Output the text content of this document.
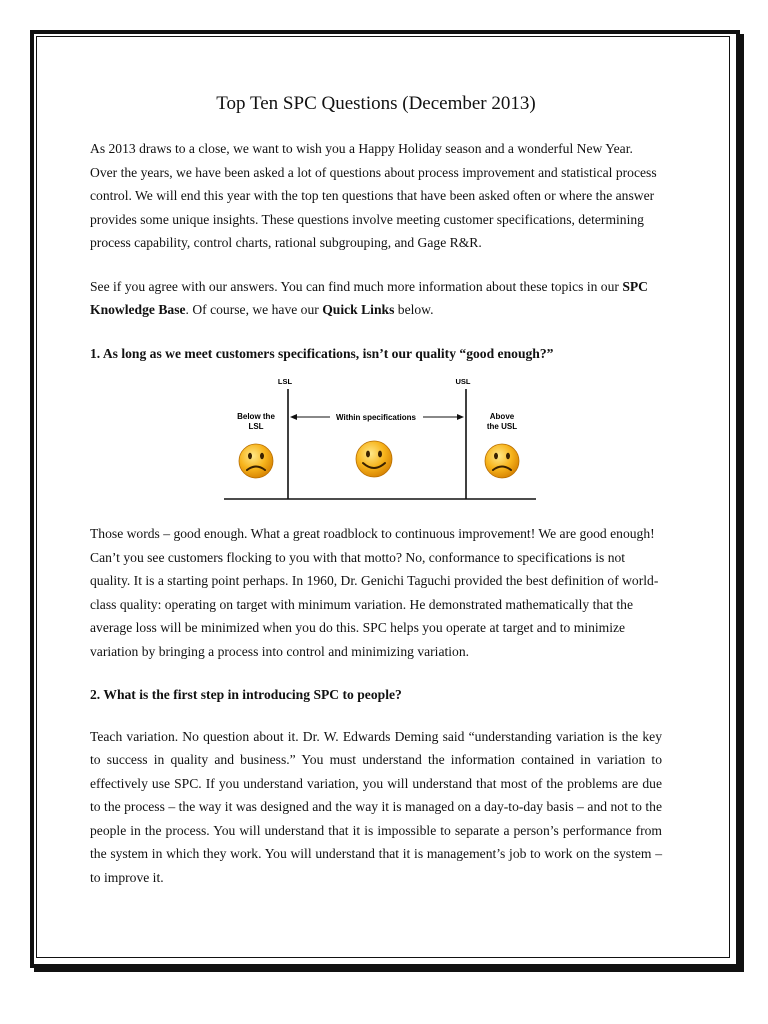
Top Ten SPC Questions (December 2013)

As 2013 draws to a close, we want to wish you a Happy Holiday season and a wonderful New Year. Over the years, we have been asked a lot of questions about process improvement and statistical process control. We will end this year with the top ten questions that have been asked often or where the answer provides some unique insights. These questions involve meeting customer specifications, determining process capability, control charts, rational subgrouping, and Gage R&R.

See if you agree with our answers. You can find much more information about these topics in our SPC Knowledge Base. Of course, we have our Quick Links below.

1. As long as we meet customers specifications, isn’t our quality “good enough?”
LSL	USL
Below the
LSL
Above
the USL
Within specifications

Those words – good enough. What a great roadblock to continuous improvement! We are good enough! Can’t you see customers flocking to you with that motto? No, conformance to specifications is not quality. It is a starting point perhaps. In 1960, Dr. Genichi Taguchi provided the best definition of world-class quality: operating on target with minimum variation. He demonstrated mathematically that the average loss will be minimized when you do this. SPC helps you operate at target and to minimize variation by bringing a process into control and minimizing variation.

2. What is the first step in introducing SPC to people?

Teach variation. No question about it. Dr. W. Edwards Deming said “understanding variation is the key to success in quality and business.” You must understand the information contained in variation to effectively use SPC. If you understand variation, you will understand that most of the problems are due to the process – the way it was designed and the way it is managed on a day-to-day basis – and not to the people in the process. You will understand that it is impossible to separate a person’s performance from the system in which they work. You will understand that it is management’s job to work on the system – to improve it.
